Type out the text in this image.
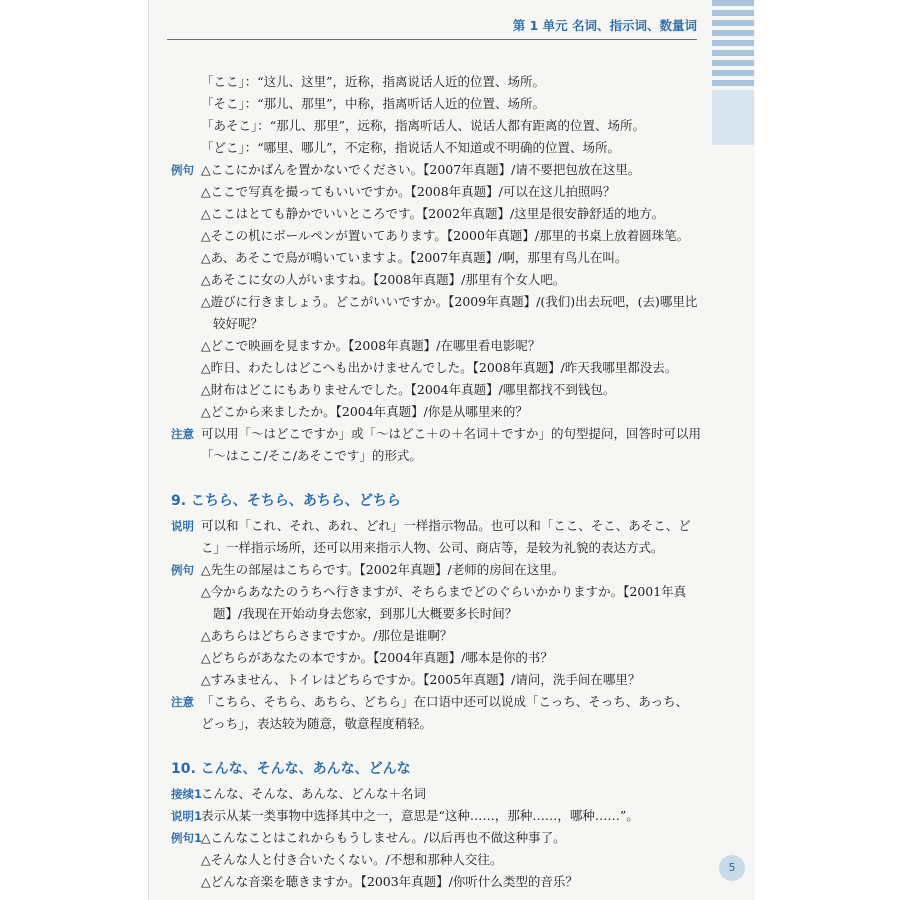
第 1 单元 名词、指示词、数量词
「ここ」：“这儿、这里”，近称，指离说话人近的位置、场所。
「そこ」：“那儿、那里”，中称，指离听话人近的位置、场所。
「あそこ」：“那儿、那里”，远称，指离听话人、说话人都有距离的位置、场所。
「どこ」：“哪里、哪儿”，不定称，指说话人不知道或不明确的位置、场所。
△ここにかばんを置かないでください。【2007年真题】/请不要把包放在这里。
△ここで写真を撮ってもいいですか。【2008年真题】/可以在这儿拍照吗？
△ここはとても静かでいいところです。【2002年真题】/这里是很安静舒适的地方。
△そこの机にボールペンが置いてあります。【2000年真题】/那里的书桌上放着圆珠笔。
△あ、あそこで鳥が鳴いていますよ。【2007年真题】/啊，那里有鸟儿在叫。
△あそこに女の人がいますね。【2008年真题】/那里有个女人吧。
△遊びに行きましょう。どこがいいですか。【2009年真题】/(我们)出去玩吧，(去)哪里比
较好呢？
△どこで映画を見ますか。【2008年真题】/在哪里看电影呢？
△昨日、わたしはどこへも出かけませんでした。【2008年真题】/昨天我哪里都没去。
△財布はどこにもありませんでした。【2004年真题】/哪里都找不到钱包。
△どこから来ましたか。【2004年真题】/你是从哪里来的？
可以用「～はどこですか」或「～はどこ＋の＋名词＋ですか」的句型提问，回答时可以用
「～はここ/そこ/あそこです」的形式。
可以和「これ、それ、あれ、どれ」一样指示物品。也可以和「ここ、そこ、あそこ、ど
こ」一样指示场所，还可以用来指示人物、公司、商店等，是较为礼貌的表达方式。
△先生の部屋はこちらです。【2002年真题】/老师的房间在这里。
△今からあなたのうちへ行きますが、そちらまでどのぐらいかかりますか。【2001年真
题】/我现在开始动身去您家，到那儿大概要多长时间？
△あちらはどちらさまですか。/那位是谁啊？
△どちらがあなたの本ですか。【2004年真题】/哪本是你的书？
△すみません、トイレはどちらですか。【2005年真题】/请问，洗手间在哪里？
「こちら、そちら、あちら、どちら」在口语中还可以说成「こっち、そっち、あっち、
どっち」，表达较为随意，敬意程度稍轻。
こんな、そんな、あんな、どんな＋名词
表示从某一类事物中选择其中之一，意思是“这种……，那种……，哪种……”。
△こんなことはこれからもうしません。/以后再也不做这种事了。
△そんな人と付き合いたくない。/不想和那种人交往。
△どんな音楽を聴きますか。【2003年真题】/你听什么类型的音乐？
例句
注意
说明
例句
注意
接续1
说明1
例句1
9. こちら、そちら、あちら、どちら
10. こんな、そんな、あんな、どんな
5
